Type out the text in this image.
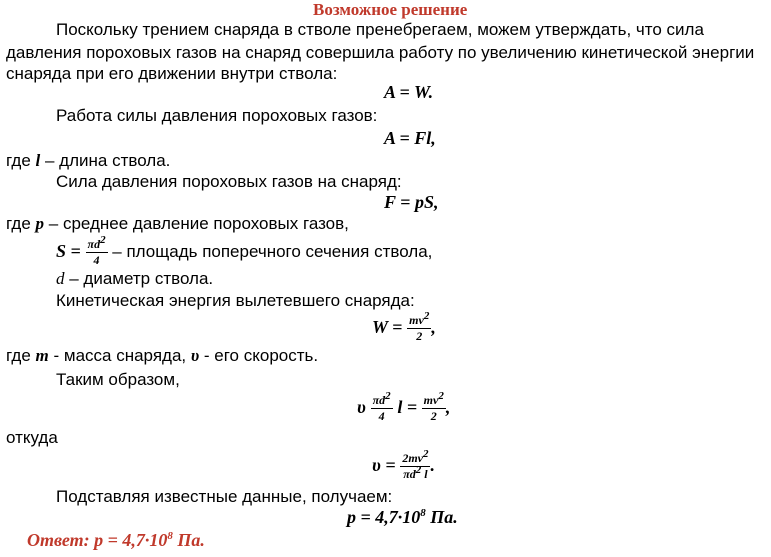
Возможное решение
Поскольку трением снаряда в стволе пренебрегаем, можем утверждать, что сила
давления пороховых газов на снаряд совершила работу по увеличению кинетической энергии
снаряда при его движении внутри ствола:
A = W.
Работа силы давления пороховых газов:
A = Fl,
где l – длина ствола.
Сила давления пороховых газов на снаряд:
F = pS,
где p – среднее давление пороховых газов,
$S = \frac{\pi d^2}{4}$ – площадь поперечного сечения ствола,
d – диаметр ствола.
Кинетическая энергия вылетевшего снаряда:
$W = \frac{mv^2}{2}$ ,
где m - масса снаряда, υ - его скорость.
Таким образом,
υ $\frac{\pi d^2}{4}$ $l = \frac{mv^2}{2}$ ,
откуда
$\upsilon = \frac{2mv^2}{\pi d^2 l}$ .
Подставляя известные данные, получаем:
$p = 4,7\cdot 10^8$ Па.
Ответ: $p = 4,7\cdot 10^8$ Па.
